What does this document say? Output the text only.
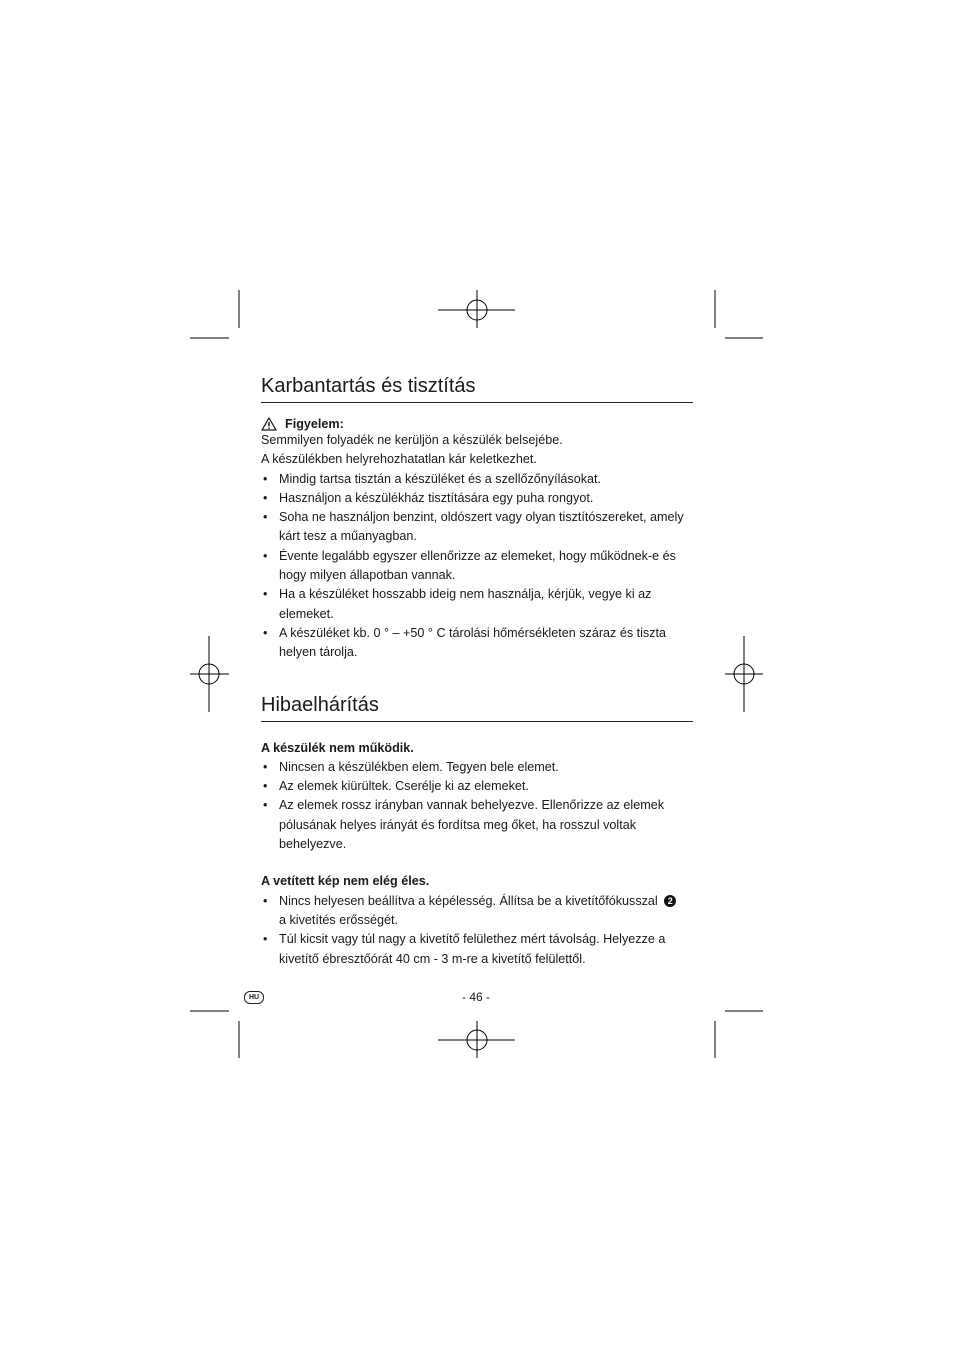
Karbantartás és tisztítás
Figyelem:

Semmilyen folyadék ne kerüljön a készülék belsejébe.

A készülékben helyrehozhatatlan kár keletkezhet.

• Mindig tartsa tisztán a készüléket és a szellőzőnyílásokat.
• Használjon a készülékház tisztítására egy puha rongyot.
• Soha ne használjon benzint, oldószert vagy olyan tisztítószereket, amely kárt tesz a műanyagban.
• Évente legalább egyszer ellenőrizze az elemeket, hogy működnek-e és hogy milyen állapotban vannak.
• Ha a készüléket hosszabb ideig nem használja, kérjük, vegye ki az elemeket.
• A készüléket kb. 0 ° – +50 ° C tárolási hőmérsékleten száraz és tiszta helyen tárolja.
Hibaelhárítás

A készülék nem működik.

• Nincsen a készülékben elem. Tegyen bele elemet.
• Az elemek kiürültek. Cserélje ki az elemeket.
• Az elemek rossz irányban vannak behelyezve. Ellenőrizze az elemek pólusának helyes irányát és fordítsa meg őket, ha rosszul voltak behelyezve.

A vetített kép nem elég éles.

• Nincs helyesen beállítva a képélesség. Állítsa be a kivetítőfókusszal 2
a kivetítés erősségét.
• Túl kicsit vagy túl nagy a kivetítő felülethez mért távolság. Helyezze a kivetítő ébresztőórát 40 cm - 3 m-re a kivetítő felülettől.
HU	- 46 -
